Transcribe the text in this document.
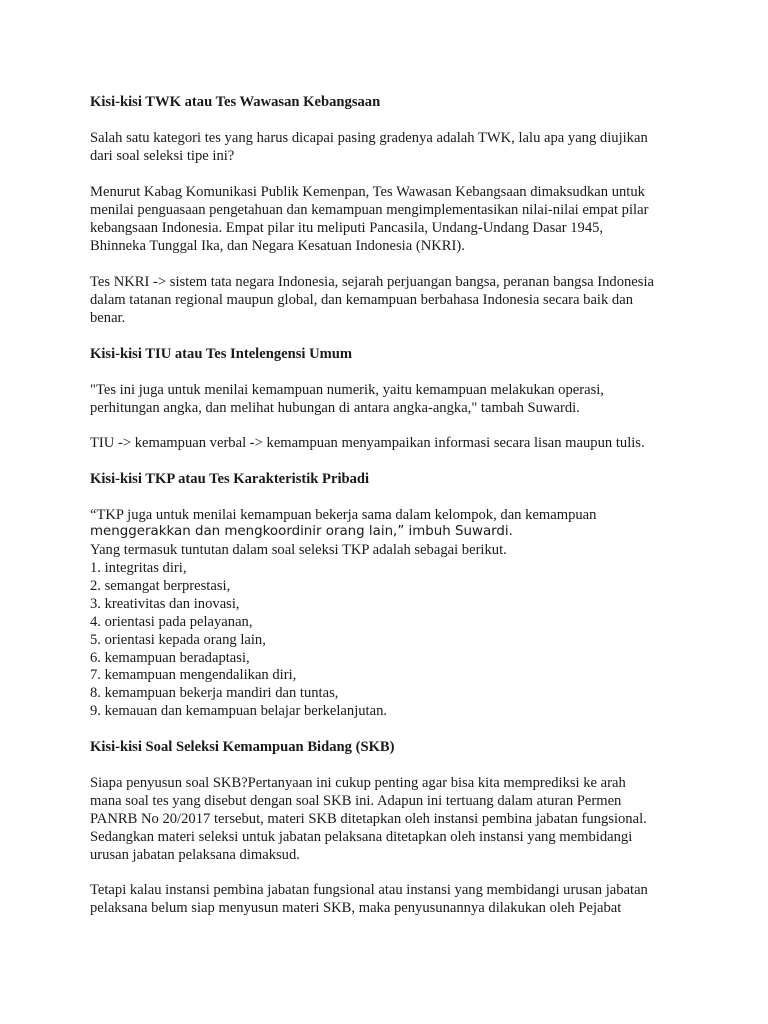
Kisi-kisi TWK atau Tes Wawasan Kebangsaan
Salah satu kategori tes yang harus dicapai pasing gradenya adalah TWK, lalu apa yang diujikan
dari soal seleksi tipe ini?
Menurut Kabag Komunikasi Publik Kemenpan, Tes Wawasan Kebangsaan dimaksudkan untuk
menilai penguasaan pengetahuan dan kemampuan mengimplementasikan nilai-nilai empat pilar
kebangsaan Indonesia. Empat pilar itu meliputi Pancasila, Undang-Undang Dasar 1945,
Bhinneka Tunggal Ika, dan Negara Kesatuan Indonesia (NKRI).
Tes NKRI -> sistem tata negara Indonesia, sejarah perjuangan bangsa, peranan bangsa Indonesia
dalam tatanan regional maupun global, dan kemampuan berbahasa Indonesia secara baik dan
benar.
Kisi-kisi TIU atau Tes Intelengensi Umum
"Tes ini juga untuk menilai kemampuan numerik, yaitu kemampuan melakukan operasi,
perhitungan angka, dan melihat hubungan di antara angka-angka," tambah Suwardi.
TIU -> kemampuan verbal -> kemampuan menyampaikan informasi secara lisan maupun tulis.
Kisi-kisi TKP atau Tes Karakteristik Pribadi
“TKP juga untuk menilai kemampuan bekerja sama dalam kelompok, dan kemampuan
menggerakkan dan mengkoordinir orang lain,” imbuh Suwardi.
Yang termasuk tuntutan dalam soal seleksi TKP adalah sebagai berikut.
1. integritas diri,
2. semangat berprestasi,
3. kreativitas dan inovasi,
4. orientasi pada pelayanan,
5. orientasi kepada orang lain,
6. kemampuan beradaptasi,
7. kemampuan mengendalikan diri,
8. kemampuan bekerja mandiri dan tuntas,
9. kemauan dan kemampuan belajar berkelanjutan.
Kisi-kisi Soal Seleksi Kemampuan Bidang (SKB)
Siapa penyusun soal SKB?Pertanyaan ini cukup penting agar bisa kita memprediksi ke arah
mana soal tes yang disebut dengan soal SKB ini. Adapun ini tertuang dalam aturan Permen
PANRB No 20/2017 tersebut, materi SKB ditetapkan oleh instansi pembina jabatan fungsional.
Sedangkan materi seleksi untuk jabatan pelaksana ditetapkan oleh instansi yang membidangi
urusan jabatan pelaksana dimaksud.
Tetapi kalau instansi pembina jabatan fungsional atau instansi yang membidangi urusan jabatan
pelaksana belum siap menyusun materi SKB, maka penyusunannya dilakukan oleh Pejabat
